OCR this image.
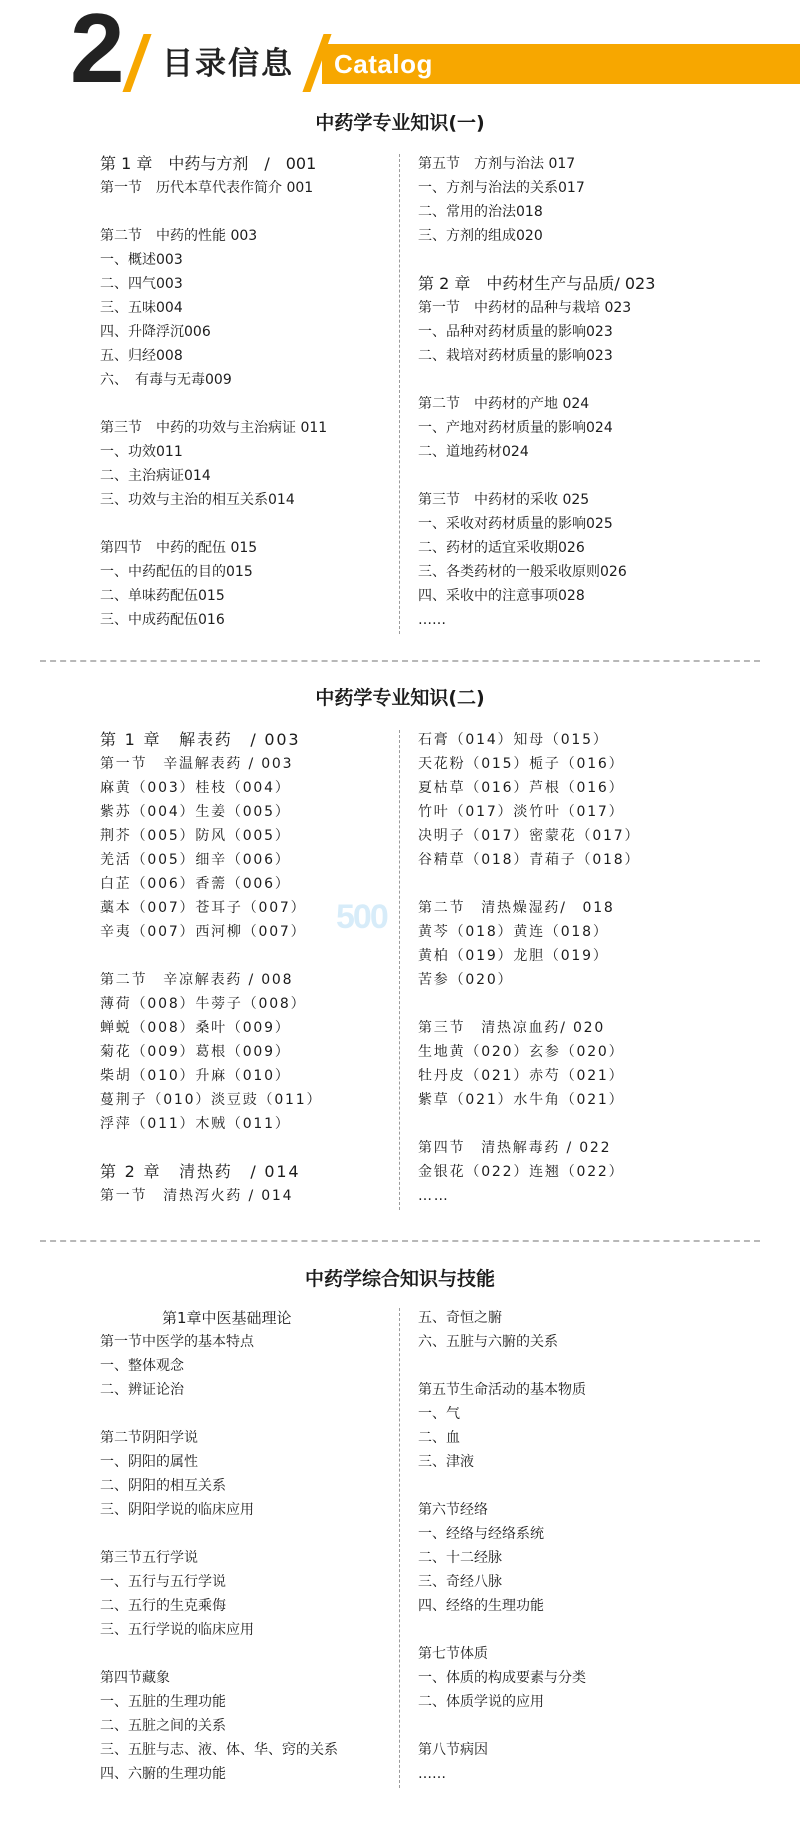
2 目录信息 Catalog
中药学专业知识(一)
第 1 章　中药与方剂　/　001
第一节　历代本草代表作简介 001
第二节　中药的性能 003
一、概述003
二、四气003
三、五味004
四、升降浮沉006
五、归经008
六、　有毒与无毒009
第三节　中药的功效与主治病证 011
一、功效011
二、主治病证014
三、功效与主治的相互关系014
第四节　中药的配伍 015
一、中药配伍的目的015
二、单味药配伍015
三、中成药配伍016
第五节　方剂与治法 017
一、方剂与治法的关系017
二、常用的治法018
三、方剂的组成020
第 2 章　中药材生产与品质/ 023
第一节　中药材的品种与栽培 023
一、品种对药材质量的影响023
二、栽培对药材质量的影响023
第二节　中药材的产地 024
一、产地对药材质量的影响024
二、道地药材024
第三节　中药材的采收 025
一、采收对药材质量的影响025
二、药材的适宜采收期026
三、各类药材的一般采收原则026
四、采收中的注意事项028
……
中药学专业知识(二)
第 1 章　解表药　/ 003
第一节　辛温解表药 / 003
麻黄（003）桂枝（004）
紫苏（004）生姜（005）
荆芥（005）防风（005）
羌活（005）细辛（006）
白芷（006）香薷（006）
藁本（007）苍耳子（007）
辛夷（007）西河柳（007）
第二节　辛凉解表药 / 008
薄荷（008）牛蒡子（008）
蝉蜕（008）桑叶（009）
菊花（009）葛根（009）
柴胡（010）升麻（010）
蔓荆子（010）淡豆豉（011）
浮萍（011）木贼（011）
第 2 章　清热药　/ 014
第一节　清热泻火药 / 014
石膏（014）知母（015）
天花粉（015）栀子（016）
夏枯草（016）芦根（016）
竹叶（017）淡竹叶（017）
决明子（017）密蒙花（017）
谷精草（018）青葙子（018）
第二节　清热燥湿药/　018
黄芩（018）黄连（018）
黄柏（019）龙胆（019）
苦参（020）
第三节　清热凉血药/ 020
生地黄（020）玄参（020）
牡丹皮（021）赤芍（021）
紫草（021）水牛角（021）
第四节　清热解毒药 / 022
金银花（022）连翘（022）
……
500
中药学综合知识与技能
第1章中医基础理论
第一节中医学的基本特点
一、整体观念
二、辨证论治
第二节阴阳学说
一、阴阳的属性
二、阴阳的相互关系
三、阴阳学说的临床应用
第三节五行学说
一、五行与五行学说
二、五行的生克乘侮
三、五行学说的临床应用
第四节藏象
一、五脏的生理功能
二、五脏之间的关系
三、五脏与志、液、体、华、窍的关系
四、六腑的生理功能
五、奇恒之腑
六、五脏与六腑的关系
第五节生命活动的基本物质
一、气
二、血
三、津液
第六节经络
一、经络与经络系统
二、十二经脉
三、奇经八脉
四、经络的生理功能
第七节体质
一、体质的构成要素与分类
二、体质学说的应用
第八节病因
……
